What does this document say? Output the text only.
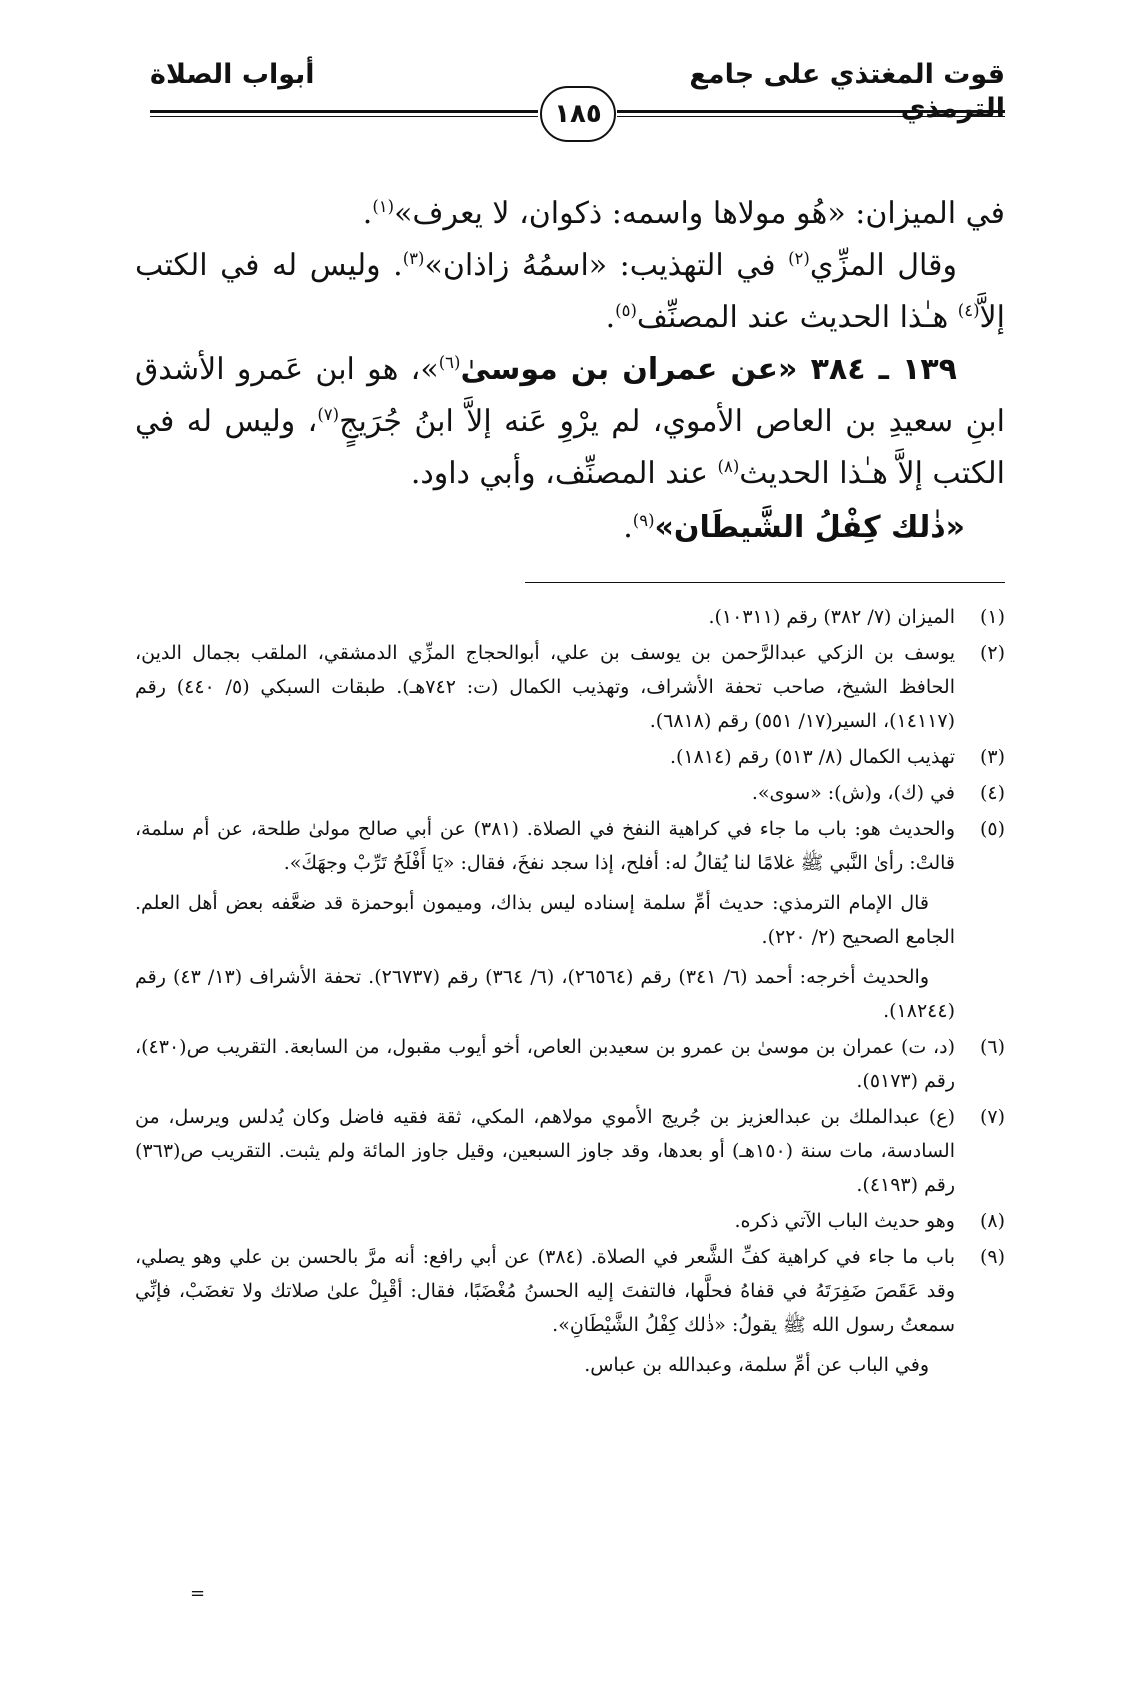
قوت المغتذي على جامع الترمذي
أبواب الصلاة
١٨٥

في الميزان: «هُو مولاها واسمه: ذكوان، لا يعرف»$^{(١)}$.

وقال المزِّي$^{(٢)}$ في التهذيب: «اسمُهُ زاذان»$^{(٣)}$. وليس له في الكتب إلاَّ$^{(٤)}$ هـٰذا الحديث عند المصنِّف$^{(٥)}$.

١٣٩ ـ ٣٨٤ «عن عمران بن موسىٰ$^{(٦)}$»، هو ابن عَمرو الأشدق ابنِ سعيدِ بن العاص الأموي، لم يرْوِ عَنه إلاَّ ابنُ جُرَيجٍ$^{(٧)}$، وليس له في الكتب إلاَّ هـٰذا الحديث$^{(٨)}$ عند المصنِّف، وأبي داود.

«ذٰلك كِفْلُ الشَّيطَان»$^{(٩)}$.

(١)

الميزان (٧/ ٣٨٢) رقم (١٠٣١١).

(٢)

يوسف بن الزكي عبدالرَّحمن بن يوسف بن علي، أبوالحجاج المزِّي الدمشقي، الملقب بجمال الدين، الحافظ الشيخ، صاحب تحفة الأشراف، وتهذيب الكمال (ت: ٧٤٢هـ). طبقات السبكي (٥/ ٤٤٠) رقم (١٤١١٧)، السير(١٧/ ٥٥١) رقم (٦٨١٨).

(٣)

تهذيب الكمال (٨/ ٥١٣) رقم (١٨١٤).

(٤)

في (ك)، و(ش): «سوى».

(٥)

والحديث هو: باب ما جاء في كراهية النفخ في الصلاة. (٣٨١) عن أبي صالح مولىٰ طلحة، عن أم سلمة، قالتْ: رأىٰ النَّبي ﷺ غلامًا لنا يُقالُ له: أفلح، إذا سجد نفخَ، فقال: «يَا أَفْلَحُ تَرِّبْ وجهَكَ».

قال الإمام الترمذي: حديث أمِّ سلمة إسناده ليس بذاك، وميمون أبوحمزة قد ضعَّفه بعض أهل العلم. الجامع الصحيح (٢/ ٢٢٠).

والحديث أخرجه: أحمد (٦/ ٣٤١) رقم (٢٦٥٦٤)، (٦/ ٣٦٤) رقم (٢٦٧٣٧). تحفة الأشراف (١٣/ ٤٣) رقم (١٨٢٤٤).

(٦)

(د، ت) عمران بن موسىٰ بن عمرو بن سعيدبن العاص، أخو أيوب مقبول، من السابعة. التقريب ص(٤٣٠)، رقم (٥١٧٣).

(٧)

(ع) عبدالملك بن عبدالعزيز بن جُريج الأموي مولاهم، المكي، ثقة فقيه فاضل وكان يُدلس ويرسل، من السادسة، مات سنة (١٥٠هـ) أو بعدها، وقد جاوز السبعين، وقيل جاوز المائة ولم يثبت. التقريب ص(٣٦٣) رقم (٤١٩٣).

(٨)

وهو حديث الباب الآتي ذكره.

(٩)

باب ما جاء في كراهية كفِّ الشَّعر في الصلاة. (٣٨٤) عن أبي رافع: أنه مرَّ بالحسن بن علي وهو يصلي، وقد عَقَصَ ضَفِرَتَهُ في قفاهُ فحلَّها، فالتفتَ إليه الحسنُ مُغْضَبًا، فقال: أقْبِلْ علىٰ صلاتك ولا تغضَبْ، فإنِّي سمعتُ رسول الله ﷺ يقولُ: «ذٰلك كِفْلُ الشَّيْطَانِ».

وفي الباب عن أمِّ سلمة، وعبدالله بن عباس.

=
